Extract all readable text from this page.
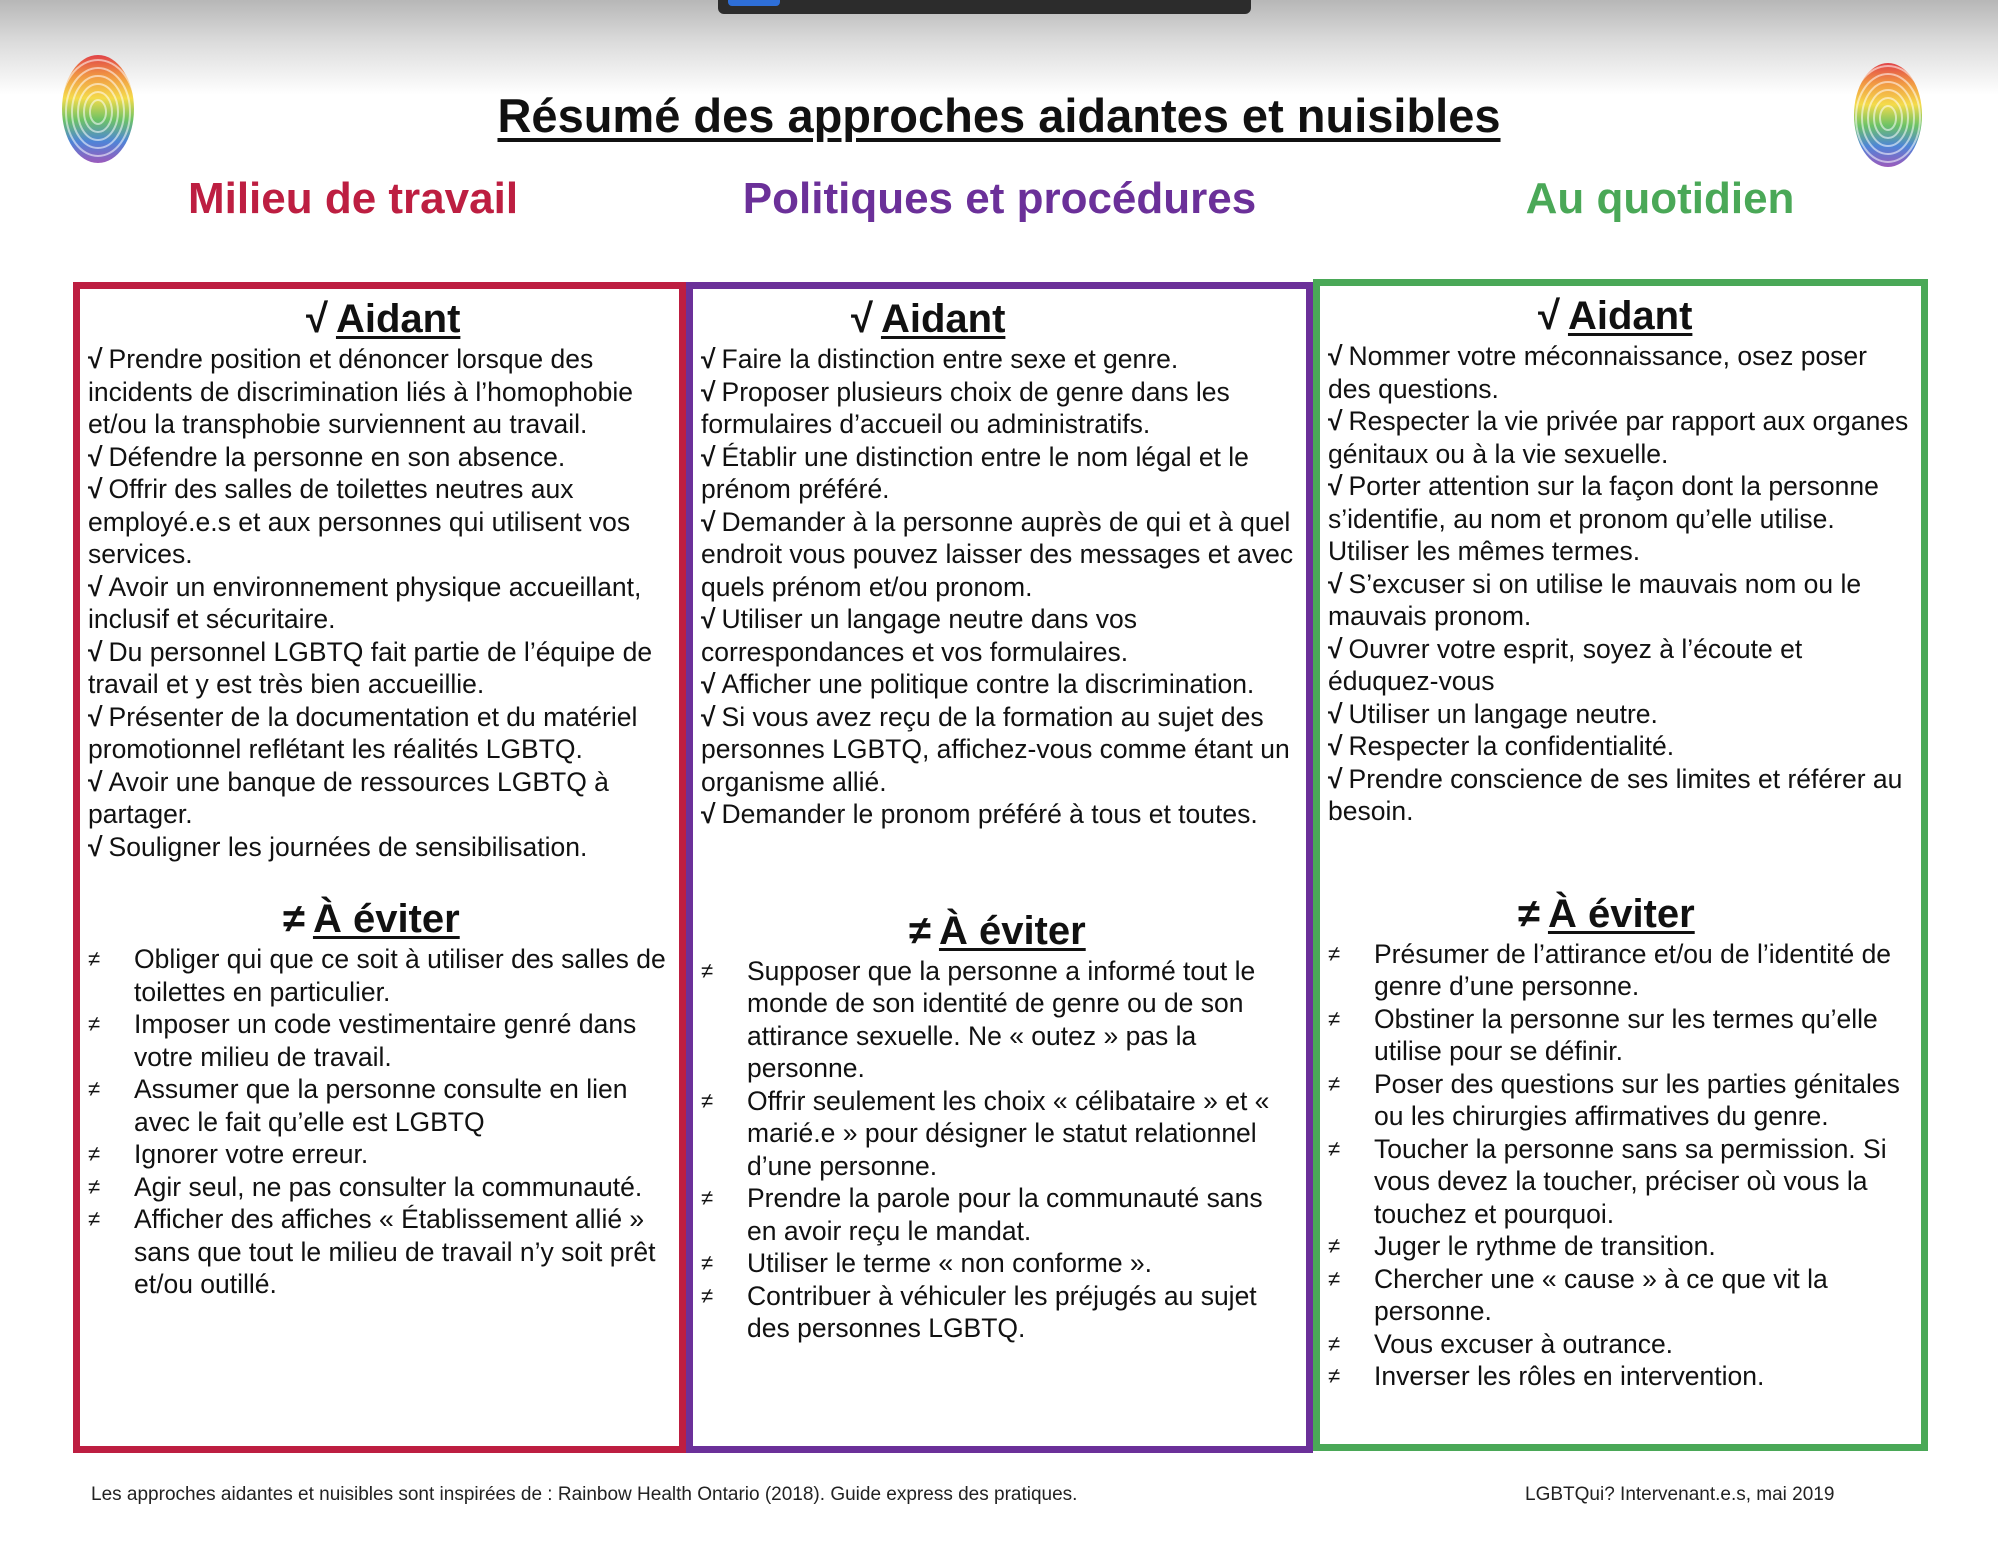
Résumé des approches aidantes et nuisibles
Milieu de travail	Politiques et procédures	Au quotidien
√ Aidant
√ Prendre position et dénoncer lorsque des incidents de discrimination liés à l’homophobie et/ou la transphobie surviennent au travail.
√ Défendre la personne en son absence.
√ Offrir des salles de toilettes neutres aux employé.e.s et aux personnes qui utilisent vos services.
√ Avoir un environnement physique accueillant, inclusif et sécuritaire.
√ Du personnel LGBTQ fait partie de l’équipe de travail et y est très bien accueillie.
√ Présenter de la documentation et du matériel promotionnel reflétant les réalités LGBTQ.
√ Avoir une banque de ressources LGBTQ à partager.
√ Souligner les journées de sensibilisation.
≠ À éviter
≠ Obliger qui que ce soit à utiliser des salles de toilettes en particulier.
≠ Imposer un code vestimentaire genré dans votre milieu de travail.
≠ Assumer que la personne consulte en lien avec le fait qu’elle est LGBTQ
≠ Ignorer votre erreur.
≠ Agir seul, ne pas consulter la communauté.
≠ Afficher des affiches « Établissement allié » sans que tout le milieu de travail n’y soit prêt et/ou outillé.
√ Aidant
√ Faire la distinction entre sexe et genre.
√ Proposer plusieurs choix de genre dans les formulaires d’accueil ou administratifs.
√ Établir une distinction entre le nom légal et le prénom préféré.
√ Demander à la personne auprès de qui et à quel endroit vous pouvez laisser des messages et avec quels prénom et/ou pronom.
√ Utiliser un langage neutre dans vos correspondances et vos formulaires.
√ Afficher une politique contre la discrimination.
√ Si vous avez reçu de la formation au sujet des personnes LGBTQ, affichez-vous comme étant un organisme allié.
√ Demander le pronom préféré à tous et toutes.
≠ À éviter
≠ Supposer que la personne a informé tout le monde de son identité de genre ou de son attirance sexuelle. Ne « outez » pas la personne.
≠ Offrir seulement les choix « célibataire » et « marié.e » pour désigner le statut relationnel d’une personne.
≠ Prendre la parole pour la communauté sans en avoir reçu le mandat.
≠ Utiliser le terme « non conforme ».
≠ Contribuer à véhiculer les préjugés au sujet des personnes LGBTQ.
√ Aidant
√ Nommer votre méconnaissance, osez poser des questions.
√ Respecter la vie privée par rapport aux organes génitaux ou à la vie sexuelle.
√ Porter attention sur la façon dont la personne s’identifie, au nom et pronom qu’elle utilise. Utiliser les mêmes termes.
√ S’excuser si on utilise le mauvais nom ou le mauvais pronom.
√ Ouvrer votre esprit, soyez à l’écoute et éduquez-vous
√ Utiliser un langage neutre.
√ Respecter la confidentialité.
√ Prendre conscience de ses limites et référer au besoin.
≠ À éviter
≠ Présumer de l’attirance et/ou de l’identité de genre d’une personne.
≠ Obstiner la personne sur les termes qu’elle utilise pour se définir.
≠ Poser des questions sur les parties génitales ou les chirurgies affirmatives du genre.
≠ Toucher la personne sans sa permission. Si vous devez la toucher, préciser où vous la touchez et pourquoi.
≠ Juger le rythme de transition.
≠ Chercher une « cause » à ce que vit la personne.
≠ Vous excuser à outrance.
≠ Inverser les rôles en intervention.
Les approches aidantes et nuisibles sont inspirées de : Rainbow Health Ontario (2018). Guide express des pratiques.	LGBTQui? Intervenant.e.s, mai 2019
